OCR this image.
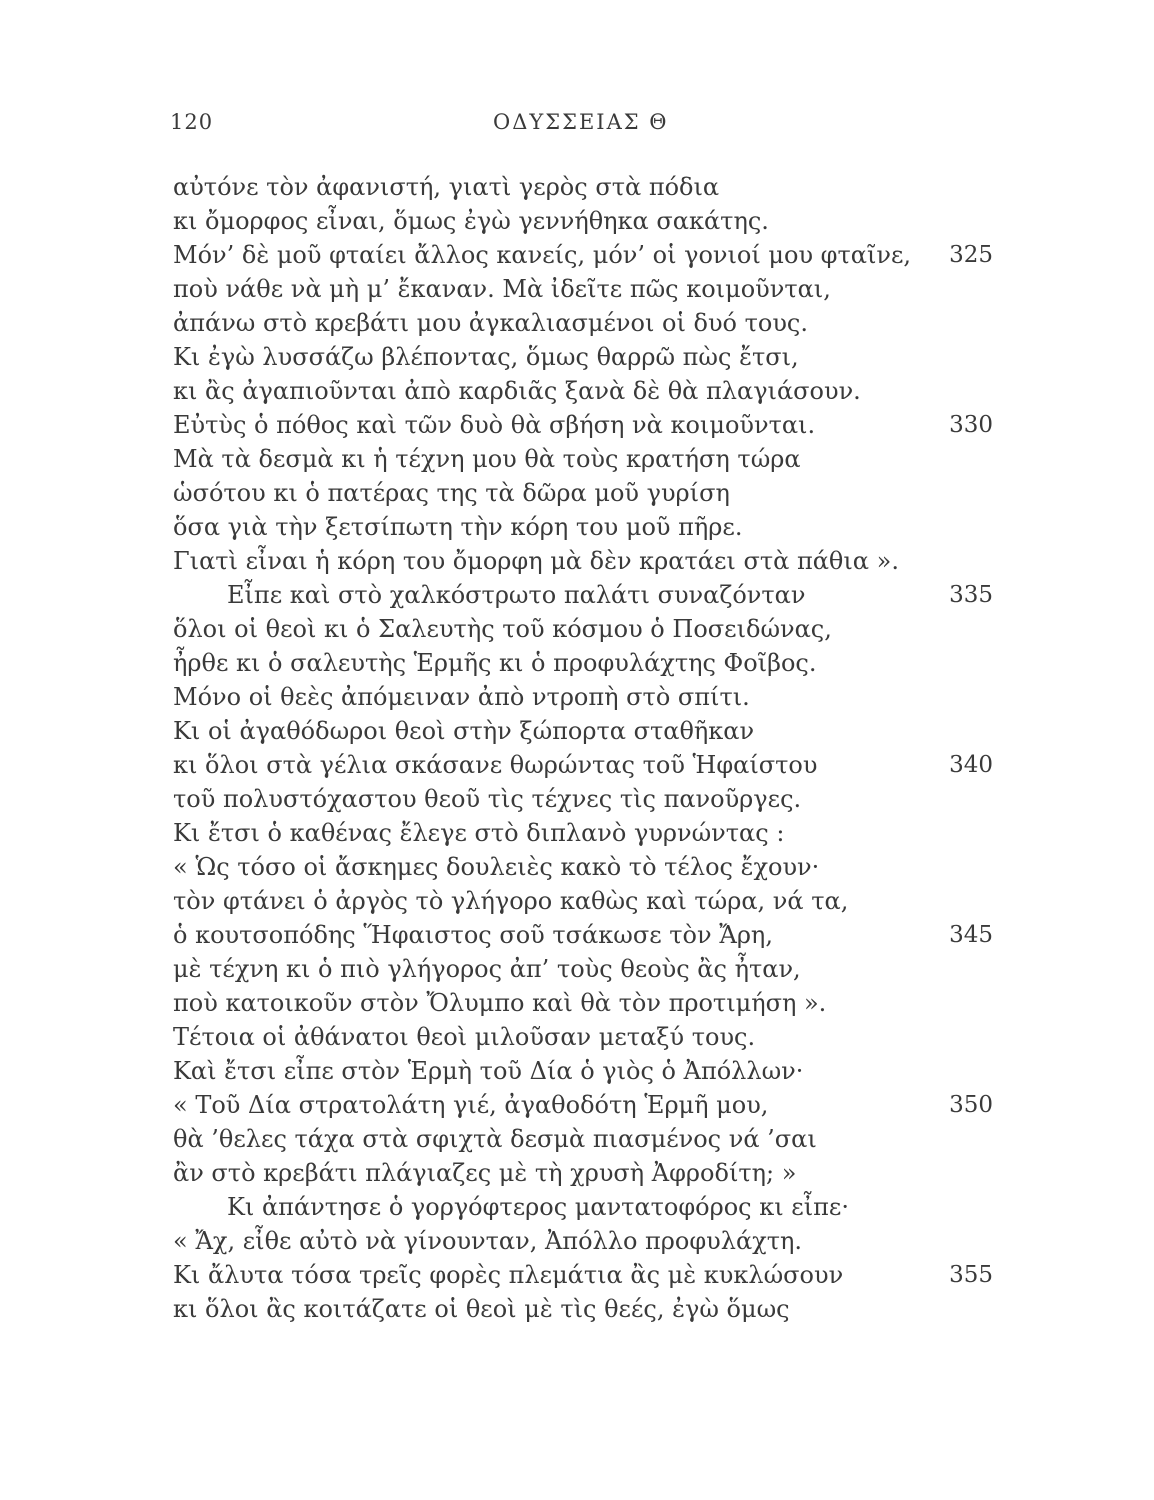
120	ΟΔΥΣΣΕΙΑΣ Θ
αὐτόνε τὸν ἀφανιστή, γιατὶ γερὸς στὰ πόδια
κι ὄμορφος εἶναι, ὅμως ἐγὼ γεννήθηκα σακάτης.
Μόν’ δὲ μοῦ φταίει ἄλλος κανείς, μόν’ οἱ γονιοί μου φταῖνε, 325
ποὺ νάθε νὰ μὴ μ’ ἔκαναν. Μὰ ἰδεῖτε πῶς κοιμοῦνται,
ἀπάνω στὸ κρεβάτι μου ἀγκαλιασμένοι οἱ δυό τους.
Κι ἐγὼ λυσσάζω βλέποντας, ὅμως θαρρῶ πὼς ἔτσι,
κι ἂς ἀγαπιοῦνται ἀπὸ καρδιᾶς ξανὰ δὲ θὰ πλαγιάσουν.
Εὐτὺς ὁ πόθος καὶ τῶν δυὸ θὰ σβήση νὰ κοιμοῦνται.	330
Μὰ τὰ δεσμὰ κι ἡ τέχνη μου θὰ τοὺς κρατήση τώρα
ὡσότου κι ὁ πατέρας της τὰ δῶρα μοῦ γυρίση
ὅσα γιὰ τὴν ξετσίπωτη τὴν κόρη του μοῦ πῆρε.
Γιατὶ εἶναι ἡ κόρη του ὄμορφη μὰ δὲν κρατάει στὰ πάθια ».
Εἶπε καὶ στὸ χαλκόστρωτο παλάτι συναζόνταν	335
ὅλοι οἱ θεοὶ κι ὁ Σαλευτὴς τοῦ κόσμου ὁ Ποσειδώνας,
ἦρθε κι ὁ σαλευτὴς Ἑρμῆς κι ὁ προφυλάχτης Φοῖβος.
Μόνο οἱ θεὲς ἀπόμειναν ἀπὸ ντροπὴ στὸ σπίτι.
Κι οἱ ἀγαθόδωροι θεοὶ στὴν ξώπορτα σταθῆκαν
κι ὅλοι στὰ γέλια σκάσανε θωρώντας τοῦ Ἡφαίστου	340
τοῦ πολυστόχαστου θεοῦ τὶς τέχνες τὶς πανοῦργες.
Κι ἔτσι ὁ καθένας ἔλεγε στὸ διπλανὸ γυρνώντας :
« Ὡς τόσο οἱ ἄσκημες δουλειὲς κακὸ τὸ τέλος ἔχουν·
τὸν φτάνει ὁ ἀργὸς τὸ γλήγορο καθὼς καὶ τώρα, νά τα,
ὁ κουτσοπόδης Ἥφαιστος σοῦ τσάκωσε τὸν Ἄρη,	345
μὲ τέχνη κι ὁ πιὸ γλήγορος ἀπ’ τοὺς θεοὺς ἂς ἦταν,
ποὺ κατοικοῦν στὸν Ὄλυμπο καὶ θὰ τὸν προτιμήση ».
Τέτοια οἱ ἀθάνατοι θεοὶ μιλοῦσαν μεταξύ τους.
Καὶ ἔτσι εἶπε στὸν Ἑρμὴ τοῦ Δία ὁ γιὸς ὁ Ἀπόλλων·
« Τοῦ Δία στρατολάτη γιέ, ἀγαθοδότη Ἑρμῆ μου,	350
θὰ ’θελες τάχα στὰ σφιχτὰ δεσμὰ πιασμένος νά ’σαι
ἂν στὸ κρεβάτι πλάγιαζες μὲ τὴ χρυσὴ Ἀφροδίτη; »
Κι ἀπάντησε ὁ γοργόφτερος μαντατοφόρος κι εἶπε·
« Ἄχ, εἶθε αὐτὸ νὰ γίνουνταν, Ἀπόλλο προφυλάχτη.
Κι ἄλυτα τόσα τρεῖς φορὲς πλεμάτια ἂς μὲ κυκλώσουν	355
κι ὅλοι ἂς κοιτάζατε οἱ θεοὶ μὲ τὶς θεές, ἐγὼ ὅμως
